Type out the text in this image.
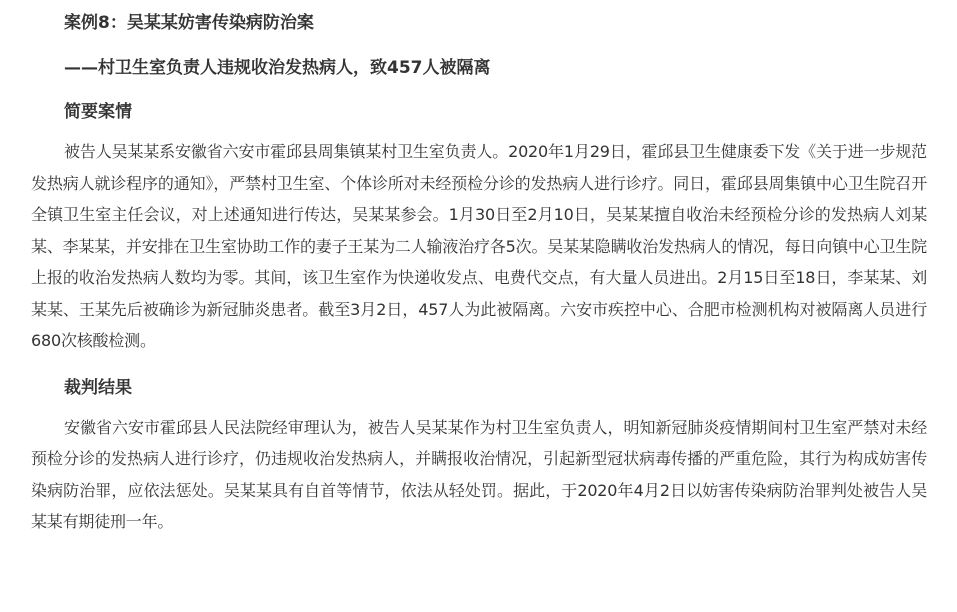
案例8：吴某某妨害传染病防治案
——村卫生室负责人违规收治发热病人，致457人被隔离
简要案情

被告人吴某某系安徽省六安市霍邱县周集镇某村卫生室负责人。2020年1月29日，霍邱县卫生健康委下发《关于进一步规范发热病人就诊程序的通知》，严禁村卫生室、个体诊所对未经预检分诊的发热病人进行诊疗。同日，霍邱县周集镇中心卫生院召开全镇卫生室主任会议，对上述通知进行传达，吴某某参会。1月30日至2月10日，吴某某擅自收治未经预检分诊的发热病人刘某某、李某某，并安排在卫生室协助工作的妻子王某为二人输液治疗各5次。吴某某隐瞒收治发热病人的情况，每日向镇中心卫生院上报的收治发热病人数均为零。其间，该卫生室作为快递收发点、电费代交点，有大量人员进出。2月15日至18日，李某某、刘某某、王某先后被确诊为新冠肺炎患者。截至3月2日，457人为此被隔离。六安市疾控中心、合肥市检测机构对被隔离人员进行680次核酸检测。

裁判结果

安徽省六安市霍邱县人民法院经审理认为，被告人吴某某作为村卫生室负责人，明知新冠肺炎疫情期间村卫生室严禁对未经预检分诊的发热病人进行诊疗，仍违规收治发热病人，并瞒报收治情况，引起新型冠状病毒传播的严重危险，其行为构成妨害传染病防治罪，应依法惩处。吴某某具有自首等情节，依法从轻处罚。据此，于2020年4月2日以妨害传染病防治罪判处被告人吴某某有期徒刑一年。
